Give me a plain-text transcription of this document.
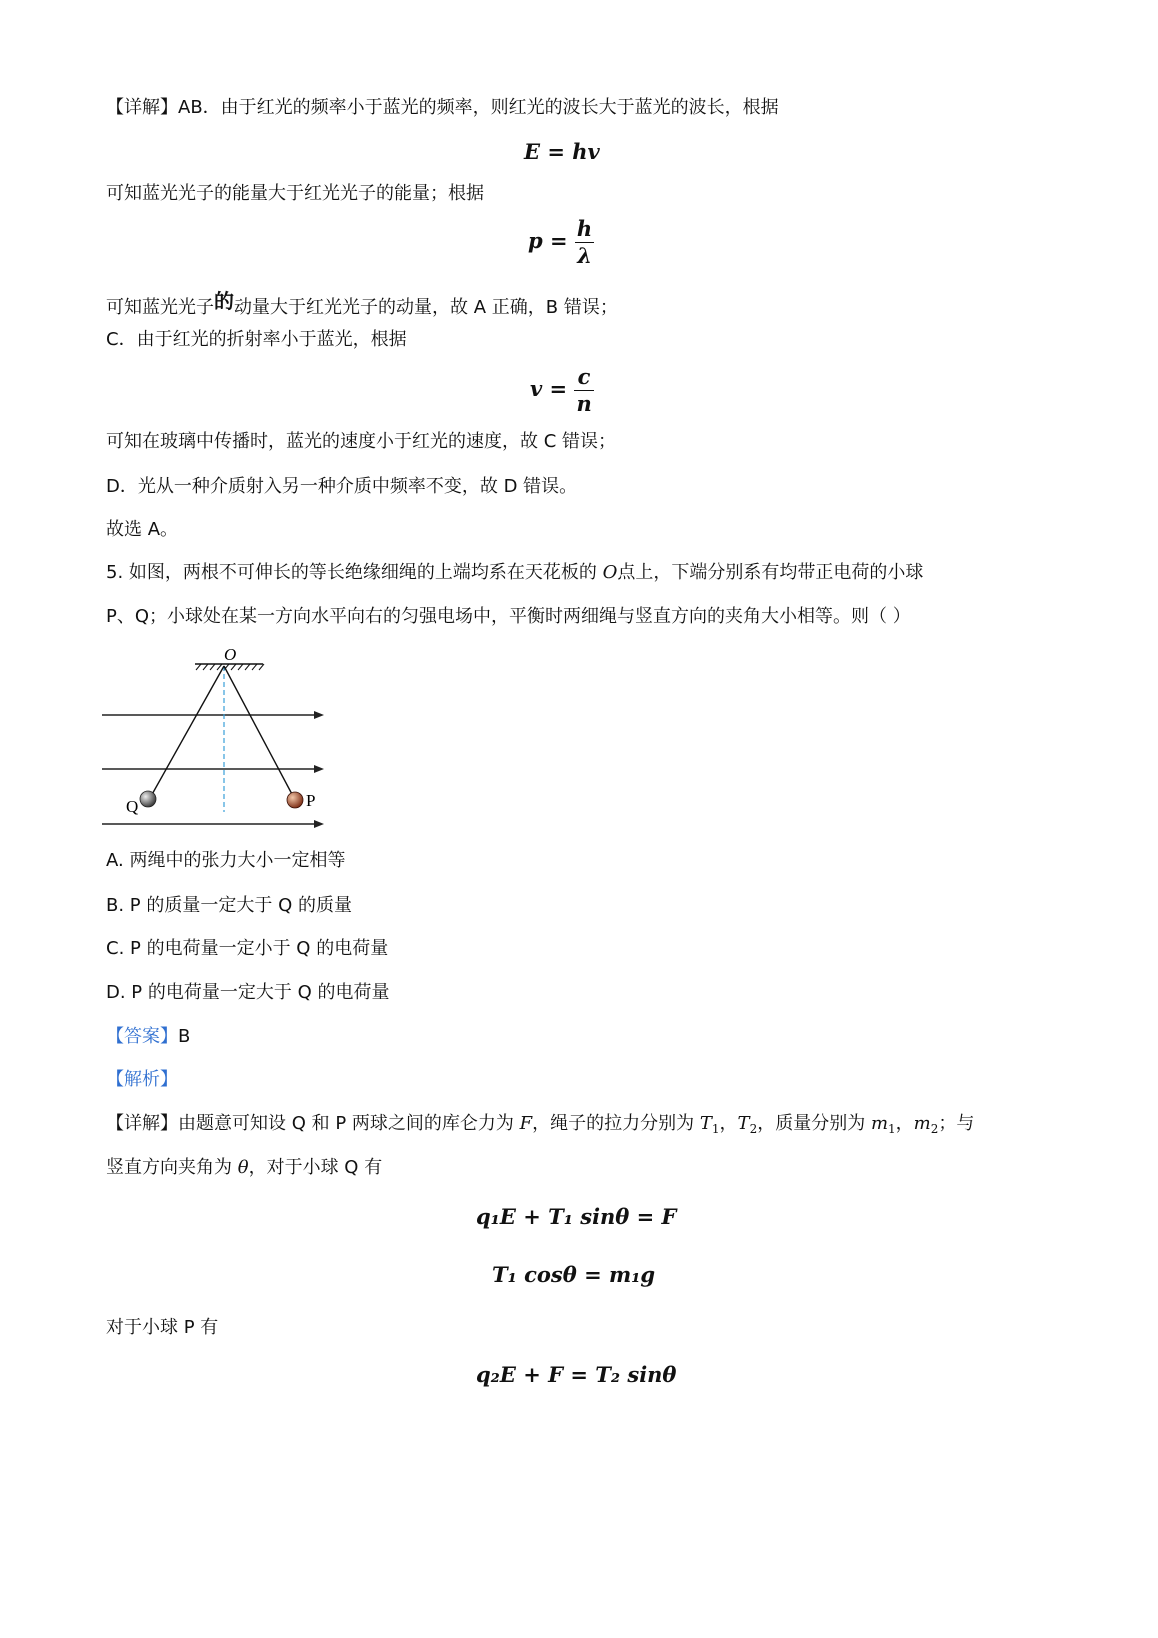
【详解】AB．由于红光的频率小于蓝光的频率，则红光的波长大于蓝光的波长，根据
E = hv
可知蓝光光子的能量大于红光光子的能量；根据
$p = \frac{h}{\lambda}$
可知蓝光光子的动量大于红光光子的动量，故 A 正确，B 错误；
C．由于红光的折射率小于蓝光，根据
$v = \frac{c}{n}$
可知在玻璃中传播时，蓝光的速度小于红光的速度，故 C 错误；
D．光从一种介质射入另一种介质中频率不变，故 D 错误。
故选 A。
5. 如图，两根不可伸长的等长绝缘细绳的上端均系在天花板的 O点上，下端分别系有均带正电荷的小球
P、Q；小球处在某一方向水平向右的匀强电场中，平衡时两细绳与竖直方向的夹角大小相等。则（ ）
O
Q	P
A. 两绳中的张力大小一定相等
B. P 的质量一定大于 Q 的质量
C. P 的电荷量一定小于 Q 的电荷量
D. P 的电荷量一定大于 Q 的电荷量
【答案】B
【解析】
【详解】由题意可知设 Q 和 P 两球之间的库仑力为 F，绳子的拉力分别为 $T_1$，$T_2$，质量分别为 $m_1$，$m_2$；与
竖直方向夹角为 θ，对于小球 Q 有
q₁E + T₁ sinθ = F
T₁ cosθ = m₁g
对于小球 P 有
q₂E + F = T₂ sinθ
